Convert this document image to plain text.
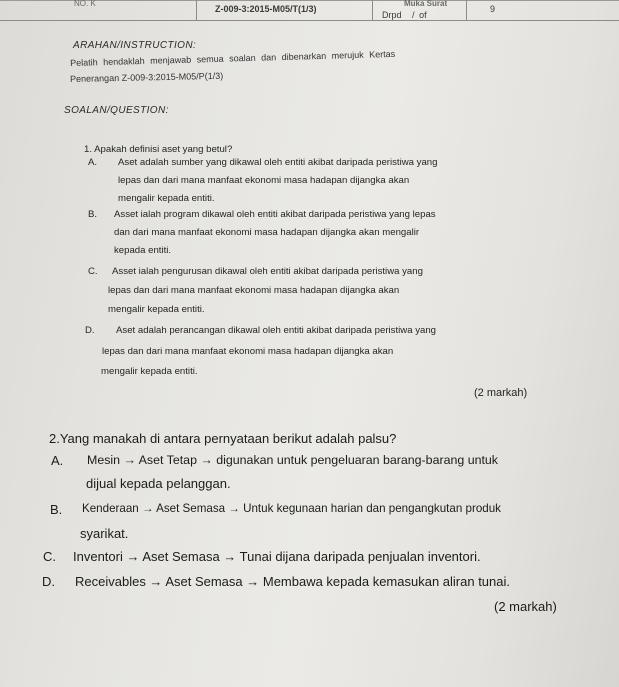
NO. K
Z-009-3:2015-M05/T(1/3)
Muka Surat
Drpd / of
9
ARAHAN/INSTRUCTION:
Pelatih hendaklah menjawab semua soalan dan dibenarkan merujuk Kertas
Penerangan Z-009-3:2015-M05/P(1/3)
SOALAN/QUESTION:
1. Apakah definisi aset yang betul?
A. Aset adalah sumber yang dikawal oleh entiti akibat daripada peristiwa yang
lepas dan dari mana manfaat ekonomi masa hadapan dijangka akan
mengalir kepada entiti.
B. Asset ialah program dikawal oleh entiti akibat daripada peristiwa yang lepas
dan dari mana manfaat ekonomi masa hadapan dijangka akan mengalir
kepada entiti.
C. Asset ialah pengurusan dikawal oleh entiti akibat daripada peristiwa yang
lepas dan dari mana manfaat ekonomi masa hadapan dijangka akan
mengalir kepada entiti.
D. Aset adalah perancangan dikawal oleh entiti akibat daripada peristiwa yang
lepas dan dari mana manfaat ekonomi masa hadapan dijangka akan
mengalir kepada entiti.
(2 markah)
2.Yang manakah di antara pernyataan berikut adalah palsu?
A. Mesin → Aset Tetap → digunakan untuk pengeluaran barang-barang untuk
dijual kepada pelanggan.
B. Kenderaan → Aset Semasa → Untuk kegunaan harian dan pengangkutan produk
syarikat.
C. Inventori → Aset Semasa → Tunai dijana daripada penjualan inventori.
D. Receivables → Aset Semasa → Membawa kepada kemasukan aliran tunai.
(2 markah)
